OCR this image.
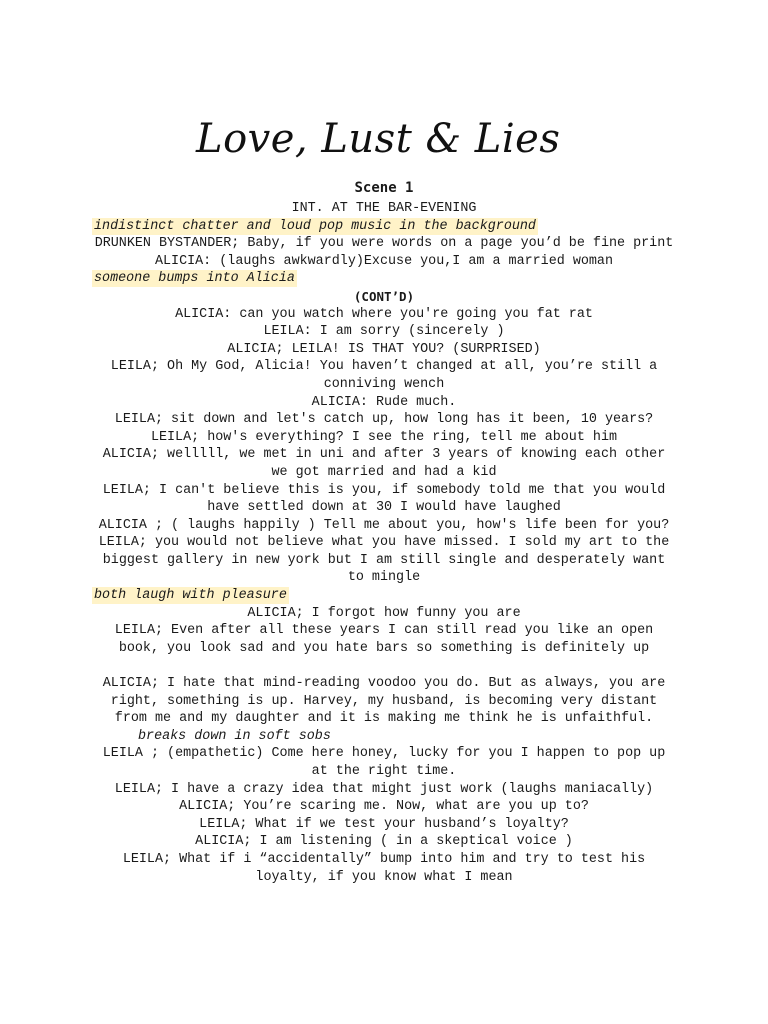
Love, Lust & Lies
Scene 1

INT. AT THE BAR-EVENING

indistinct chatter and loud pop music in the background

DRUNKEN BYSTANDER; Baby, if you were words on a page you’d be fine print

ALICIA: (laughs awkwardly)Excuse you,I am a married woman

someone bumps into Alicia

(CONT’D)

ALICIA: can you watch where you're going you fat rat

LEILA: I am sorry (sincerely )

ALICIA; LEILA! IS THAT YOU? (SURPRISED)

LEILA; Oh My God, Alicia! You haven’t changed at all, you’re still a conniving wench

ALICIA: Rude much.

LEILA; sit down and let's catch up, how long has it been, 10 years?

LEILA; how's everything? I see the ring, tell me about him

ALICIA; welllll, we met in uni and after 3 years of knowing each other we got married and had a kid

LEILA; I can't believe this is you, if somebody told me that you would have settled down at 30 I would have laughed

ALICIA ; ( laughs happily ) Tell me about you, how's life been for you?

LEILA; you would not believe what you have missed. I sold my art to the biggest gallery in new york but I am still single and desperately want to mingle

both laugh with pleasure

ALICIA; I forgot how funny you are

LEILA; Even after all these years I can still read you like an open book, you look sad and you hate bars so something is definitely up

ALICIA; I hate that mind-reading voodoo you do. But as always, you are right, something is up. Harvey, my husband, is becoming very distant from me and my daughter and it is making me think he is unfaithful.

breaks down in soft sobs

LEILA ; (empathetic) Come here honey, lucky for you I happen to pop up at the right time.

LEILA; I have a crazy idea that might just work (laughs maniacally)

ALICIA; You’re scaring me. Now, what are you up to?

LEILA; What if we test your husband’s loyalty?

ALICIA; I am listening ( in a skeptical voice )

LEILA; What if i “accidentally” bump into him and try to test his loyalty, if you know what I mean
